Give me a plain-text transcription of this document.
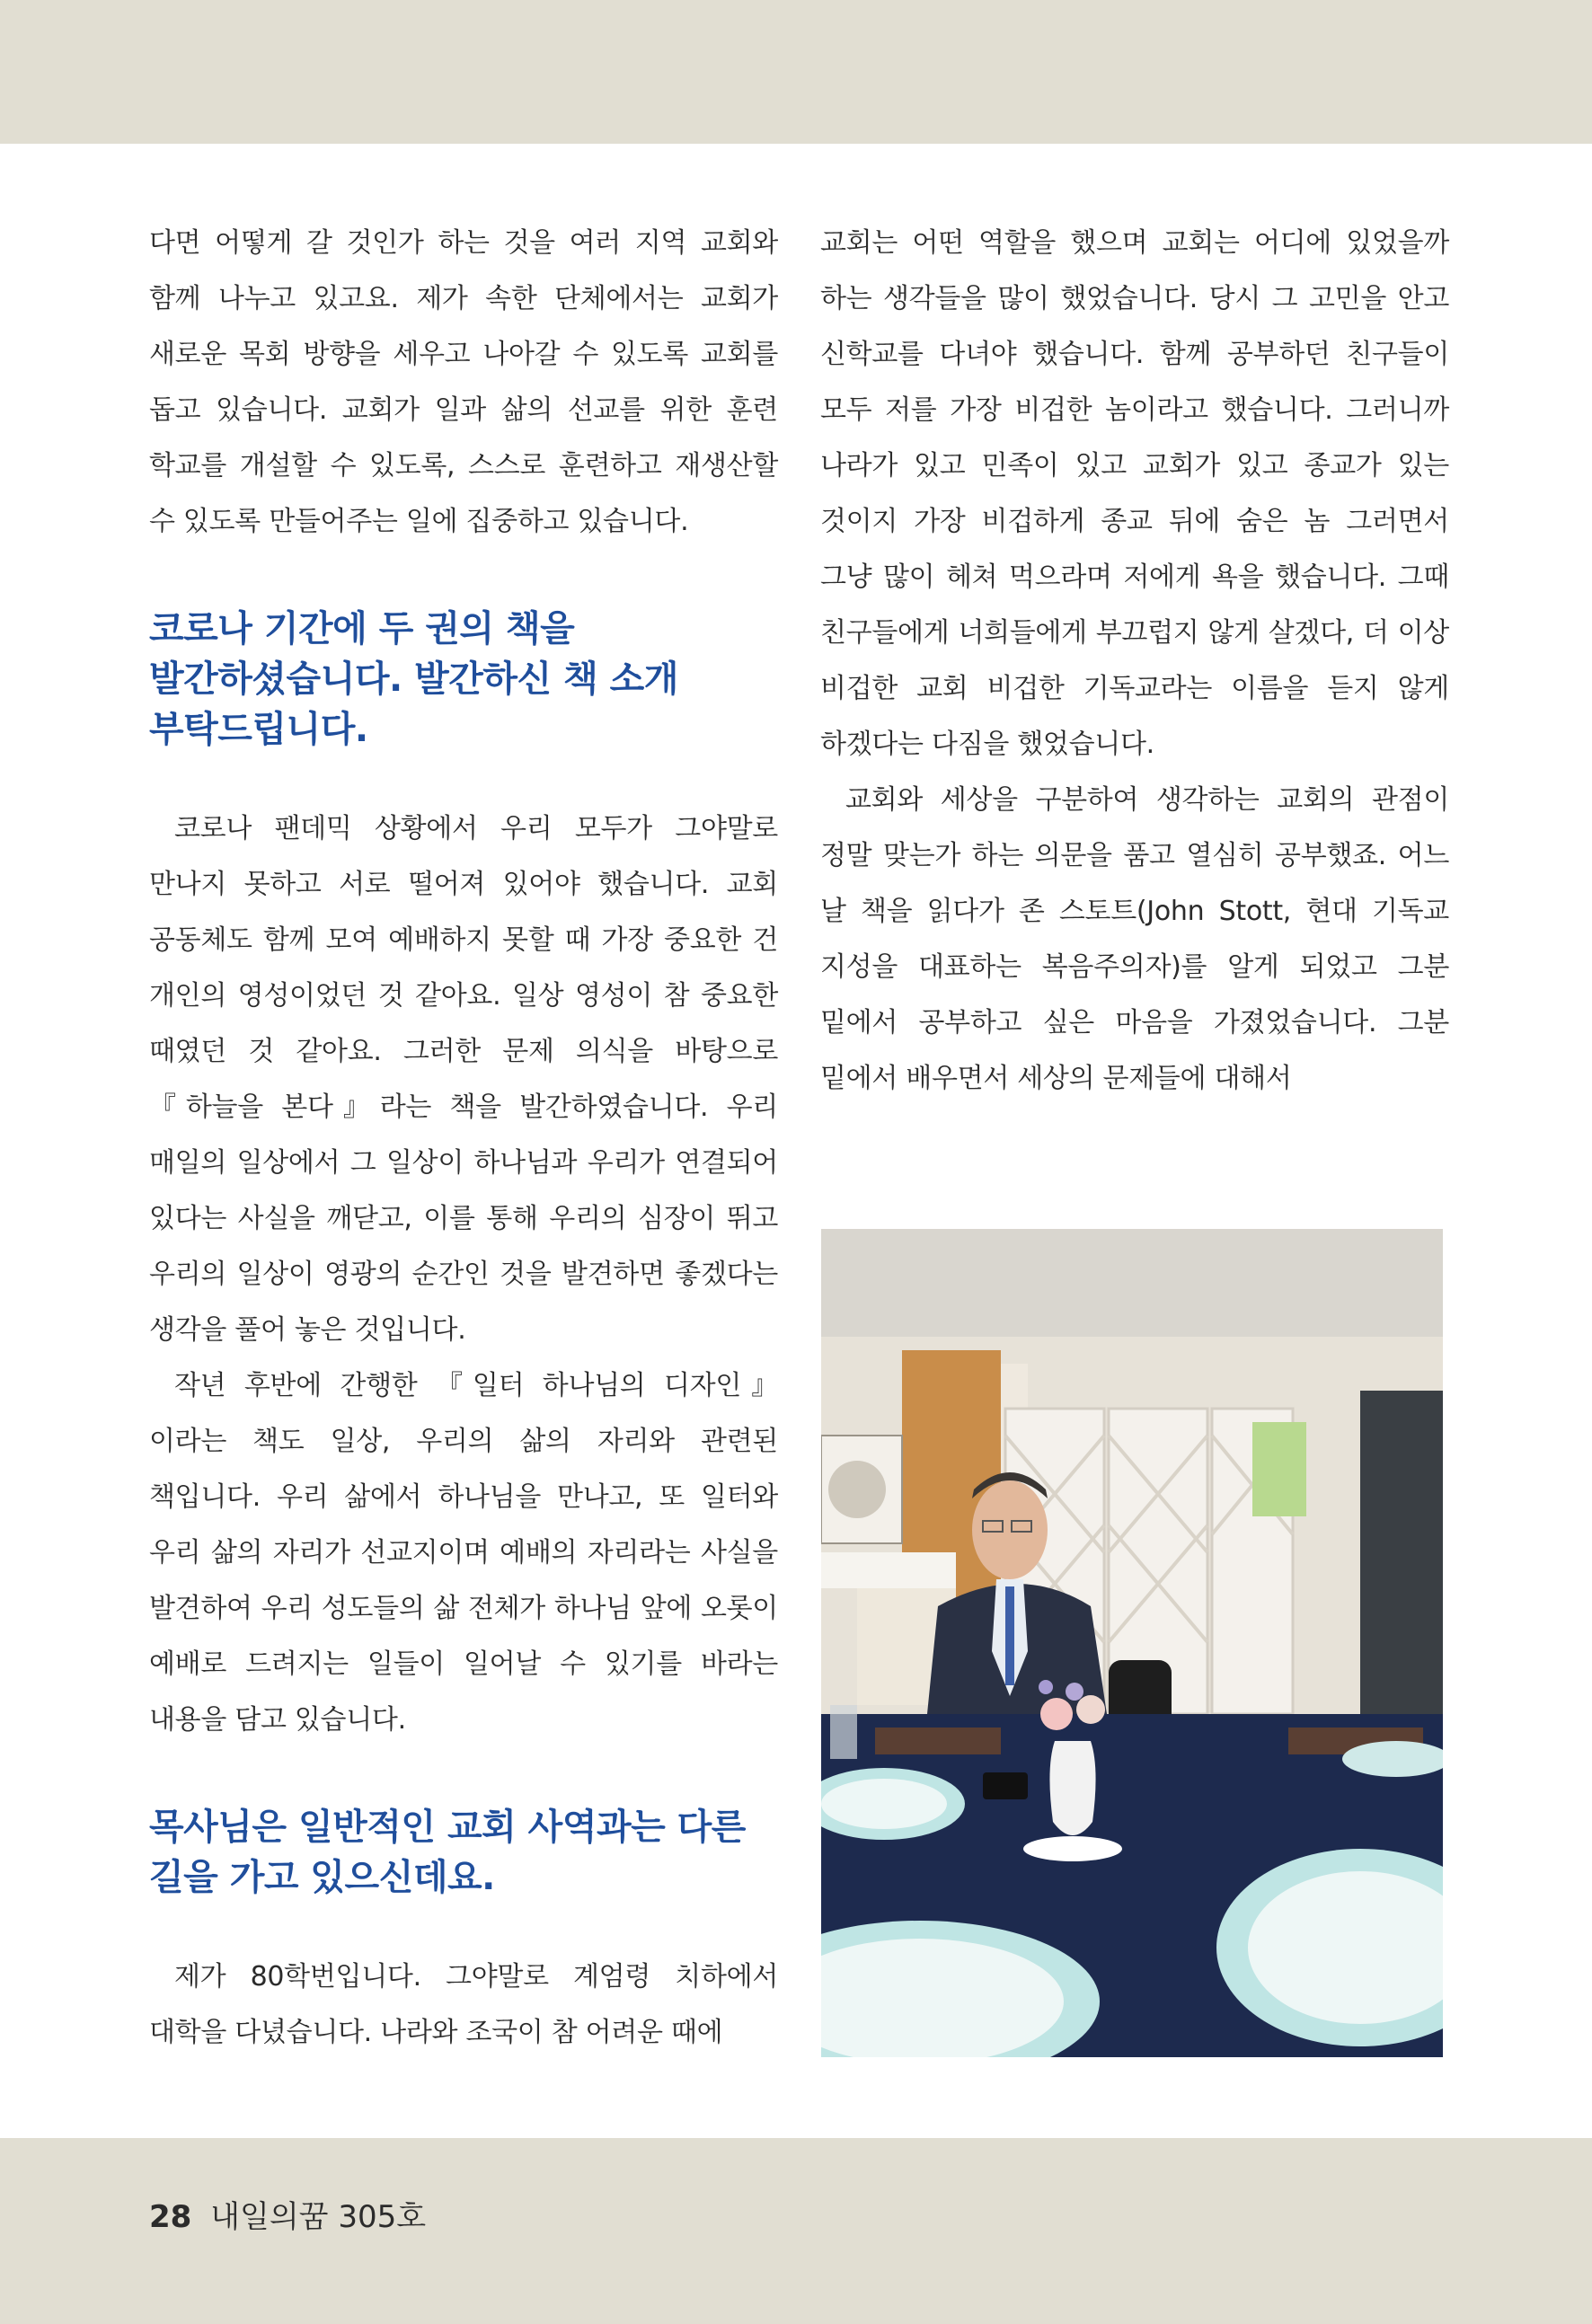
다면 어떻게 갈 것인가 하는 것을 여러 지역 교회와 함께 나누고 있고요. 제가 속한 단체에서는 교회가 새로운 목회 방향을 세우고 나아갈 수 있도록 교회를 돕고 있습니다. 교회가 일과 삶의 선교를 위한 훈련 학교를 개설할 수 있도록, 스스로 훈련하고 재생산할 수 있도록 만들어주는 일에 집중하고 있습니다.

코로나 기간에 두 권의 책을 발간하셨습니다. 발간하신 책 소개 부탁드립니다.

코로나 팬데믹 상황에서 우리 모두가 그야말로 만나지 못하고 서로 떨어져 있어야 했습니다. 교회 공동체도 함께 모여 예배하지 못할 때 가장 중요한 건 개인의 영성이었던 것 같아요. 일상 영성이 참 중요한 때였던 것 같아요. 그러한 문제 의식을 바탕으로 『하늘을 본다』라는 책을 발간하였습니다. 우리 매일의 일상에서 그 일상이 하나님과 우리가 연결되어 있다는 사실을 깨닫고, 이를 통해 우리의 심장이 뛰고 우리의 일상이 영광의 순간인 것을 발견하면 좋겠다는 생각을 풀어 놓은 것입니다.

작년 후반에 간행한 『일터 하나님의 디자인』이라는 책도 일상, 우리의 삶의 자리와 관련된 책입니다. 우리 삶에서 하나님을 만나고, 또 일터와 우리 삶의 자리가 선교지이며 예배의 자리라는 사실을 발견하여 우리 성도들의 삶 전체가 하나님 앞에 오롯이 예배로 드려지는 일들이 일어날 수 있기를 바라는 내용을 담고 있습니다.

목사님은 일반적인 교회 사역과는 다른 길을 가고 있으신데요.

제가 80학번입니다. 그야말로 계엄령 치하에서 대학을 다녔습니다. 나라와 조국이 참 어려운 때에

교회는 어떤 역할을 했으며 교회는 어디에 있었을까 하는 생각들을 많이 했었습니다. 당시 그 고민을 안고 신학교를 다녀야 했습니다. 함께 공부하던 친구들이 모두 저를 가장 비겁한 놈이라고 했습니다. 그러니까 나라가 있고 민족이 있고 교회가 있고 종교가 있는 것이지 가장 비겁하게 종교 뒤에 숨은 놈 그러면서 그냥 많이 헤쳐 먹으라며 저에게 욕을 했습니다. 그때 친구들에게 너희들에게 부끄럽지 않게 살겠다, 더 이상 비겁한 교회 비겁한 기독교라는 이름을 듣지 않게 하겠다는 다짐을 했었습니다.

교회와 세상을 구분하여 생각하는 교회의 관점이 정말 맞는가 하는 의문을 품고 열심히 공부했죠. 어느 날 책을 읽다가 존 스토트(John Stott, 현대 기독교 지성을 대표하는 복음주의자)를 알게 되었고 그분 밑에서 공부하고 싶은 마음을 가졌었습니다. 그분 밑에서 배우면서 세상의 문제들에 대해서

28 내일의꿈 305호
